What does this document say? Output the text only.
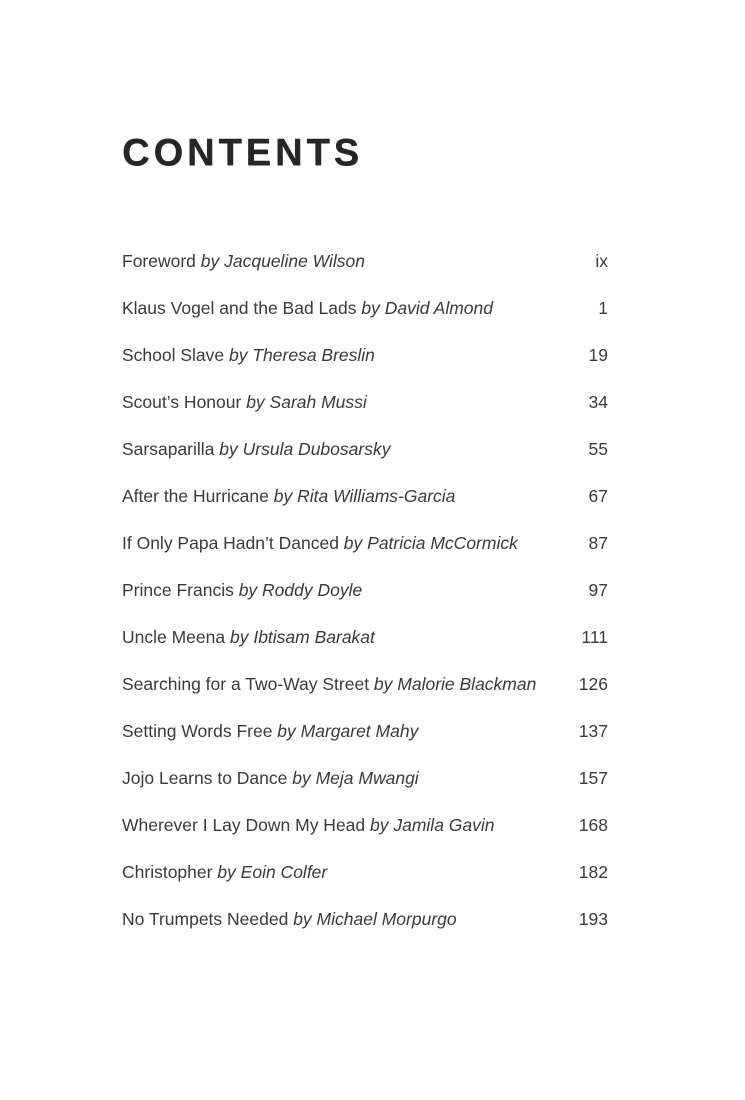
CONTENTS
Foreword by Jacqueline Wilson	ix
Klaus Vogel and the Bad Lads by David Almond	1
School Slave by Theresa Breslin	19
Scout’s Honour by Sarah Mussi	34
Sarsaparilla by Ursula Dubosarsky	55
After the Hurricane by Rita Williams-Garcia	67
If Only Papa Hadn’t Danced by Patricia McCormick	87
Prince Francis by Roddy Doyle	97
Uncle Meena by Ibtisam Barakat	111
Searching for a Two-Way Street by Malorie Blackman	126
Setting Words Free by Margaret Mahy	137
Jojo Learns to Dance by Meja Mwangi	157
Wherever I Lay Down My Head by Jamila Gavin	168
Christopher by Eoin Colfer	182
No Trumpets Needed by Michael Morpurgo	193
